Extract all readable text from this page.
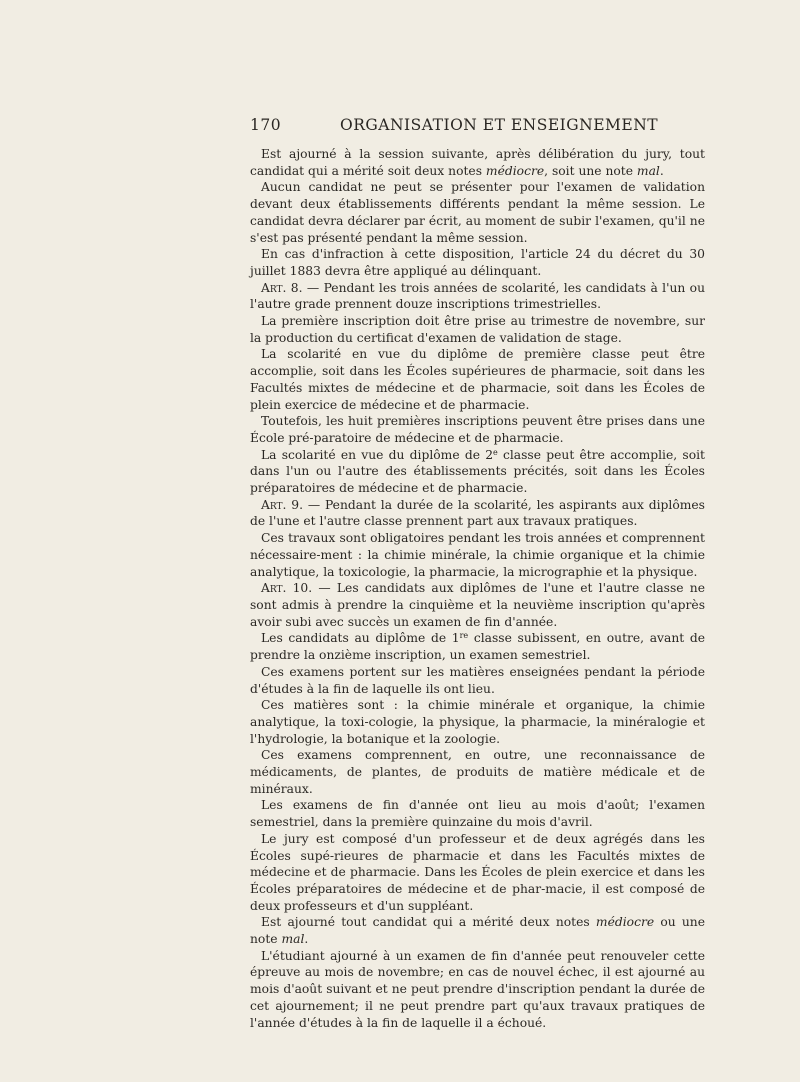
170	ORGANISATION ET ENSEIGNEMENT

Est ajourné à la session suivante, après délibération du jury, tout candidat qui a mérité soit deux notes médiocre, soit une note mal.

Aucun candidat ne peut se présenter pour l'examen de validation devant deux établissements différents pendant la même session. Le candidat devra déclarer par écrit, au moment de subir l'examen, qu'il ne s'est pas présenté pendant la même session.

En cas d'infraction à cette disposition, l'article 24 du décret du 30 juillet 1883 devra être appliqué au délinquant.

Art. 8. — Pendant les trois années de scolarité, les candidats à l'un ou l'autre grade prennent douze inscriptions trimestrielles.

La première inscription doit être prise au trimestre de novembre, sur la production du certificat d'examen de validation de stage.

La scolarité en vue du diplôme de première classe peut être accomplie, soit dans les Écoles supérieures de pharmacie, soit dans les Facultés mixtes de médecine et de pharmacie, soit dans les Écoles de plein exercice de médecine et de pharmacie.

Toutefois, les huit premières inscriptions peuvent être prises dans une École pré-paratoire de médecine et de pharmacie.

La scolarité en vue du diplôme de 2e classe peut être accomplie, soit dans l'un ou l'autre des établissements précités, soit dans les Écoles préparatoires de médecine et de pharmacie.

Art. 9. — Pendant la durée de la scolarité, les aspirants aux diplômes de l'une et l'autre classe prennent part aux travaux pratiques.

Ces travaux sont obligatoires pendant les trois années et comprennent nécessaire-ment : la chimie minérale, la chimie organique et la chimie analytique, la toxicologie, la pharmacie, la micrographie et la physique.

Art. 10. — Les candidats aux diplômes de l'une et l'autre classe ne sont admis à prendre la cinquième et la neuvième inscription qu'après avoir subi avec succès un examen de fin d'année.

Les candidats au diplôme de 1re classe subissent, en outre, avant de prendre la onzième inscription, un examen semestriel.

Ces examens portent sur les matières enseignées pendant la période d'études à la fin de laquelle ils ont lieu.

Ces matières sont : la chimie minérale et organique, la chimie analytique, la toxi-cologie, la physique, la pharmacie, la minéralogie et l'hydrologie, la botanique et la zoologie.

Ces examens comprennent, en outre, une reconnaissance de médicaments, de plantes, de produits de matière médicale et de minéraux.

Les examens de fin d'année ont lieu au mois d'août; l'examen semestriel, dans la première quinzaine du mois d'avril.

Le jury est composé d'un professeur et de deux agrégés dans les Écoles supé-rieures de pharmacie et dans les Facultés mixtes de médecine et de pharmacie. Dans les Écoles de plein exercice et dans les Écoles préparatoires de médecine et de phar-macie, il est composé de deux professeurs et d'un suppléant.

Est ajourné tout candidat qui a mérité deux notes médiocre ou une note mal.

L'étudiant ajourné à un examen de fin d'année peut renouveler cette épreuve au mois de novembre; en cas de nouvel échec, il est ajourné au mois d'août suivant et ne peut prendre d'inscription pendant la durée de cet ajournement; il ne peut prendre part qu'aux travaux pratiques de l'année d'études à la fin de laquelle il a échoué.
